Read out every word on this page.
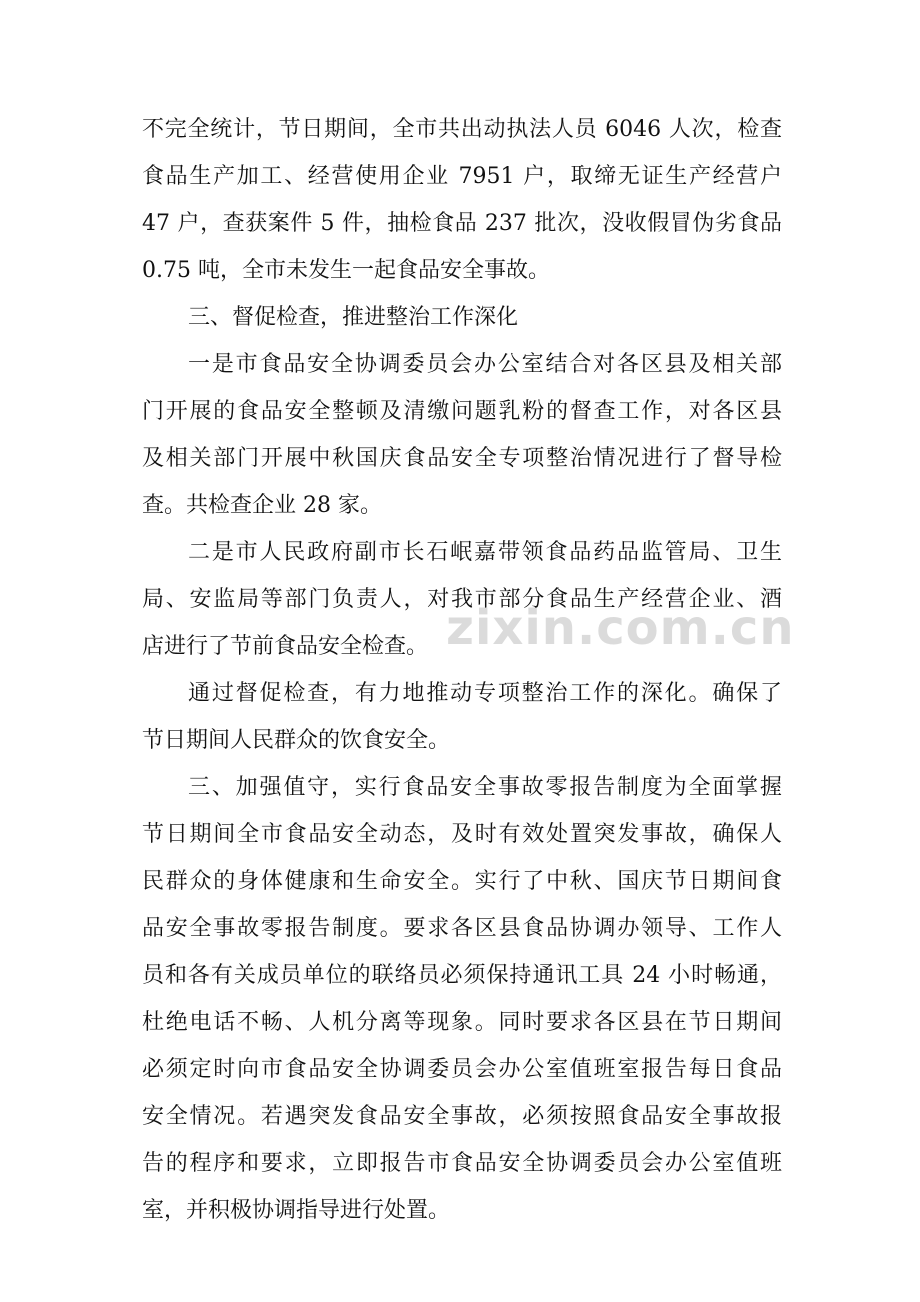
不完全统计，节日期间，全市共出动执法人员 6046 人次，检查
食品生产加工、经营使用企业 7951 户，取缔无证生产经营户
47 户，查获案件 5 件，抽检食品 237 批次，没收假冒伪劣食品
0.75 吨，全市未发生一起食品安全事故。
三、督促检查，推进整治工作深化
一是市食品安全协调委员会办公室结合对各区县及相关部
门开展的食品安全整顿及清缴问题乳粉的督查工作，对各区县
及相关部门开展中秋国庆食品安全专项整治情况进行了督导检
查。共检查企业 28 家。
二是市人民政府副市长石岷嘉带领食品药品监管局、卫生
局、安监局等部门负责人，对我市部分食品生产经营企业、酒
店进行了节前食品安全检查。
通过督促检查，有力地推动专项整治工作的深化。确保了
节日期间人民群众的饮食安全。
三、加强值守，实行食品安全事故零报告制度为全面掌握
节日期间全市食品安全动态，及时有效处置突发事故，确保人
民群众的身体健康和生命安全。实行了中秋、国庆节日期间食
品安全事故零报告制度。要求各区县食品协调办领导、工作人
员和各有关成员单位的联络员必须保持通讯工具 24 小时畅通，
杜绝电话不畅、人机分离等现象。同时要求各区县在节日期间
必须定时向市食品安全协调委员会办公室值班室报告每日食品
安全情况。若遇突发食品安全事故，必须按照食品安全事故报
告的程序和要求，立即报告市食品安全协调委员会办公室值班
室，并积极协调指导进行处置。
zixin.com.cn
